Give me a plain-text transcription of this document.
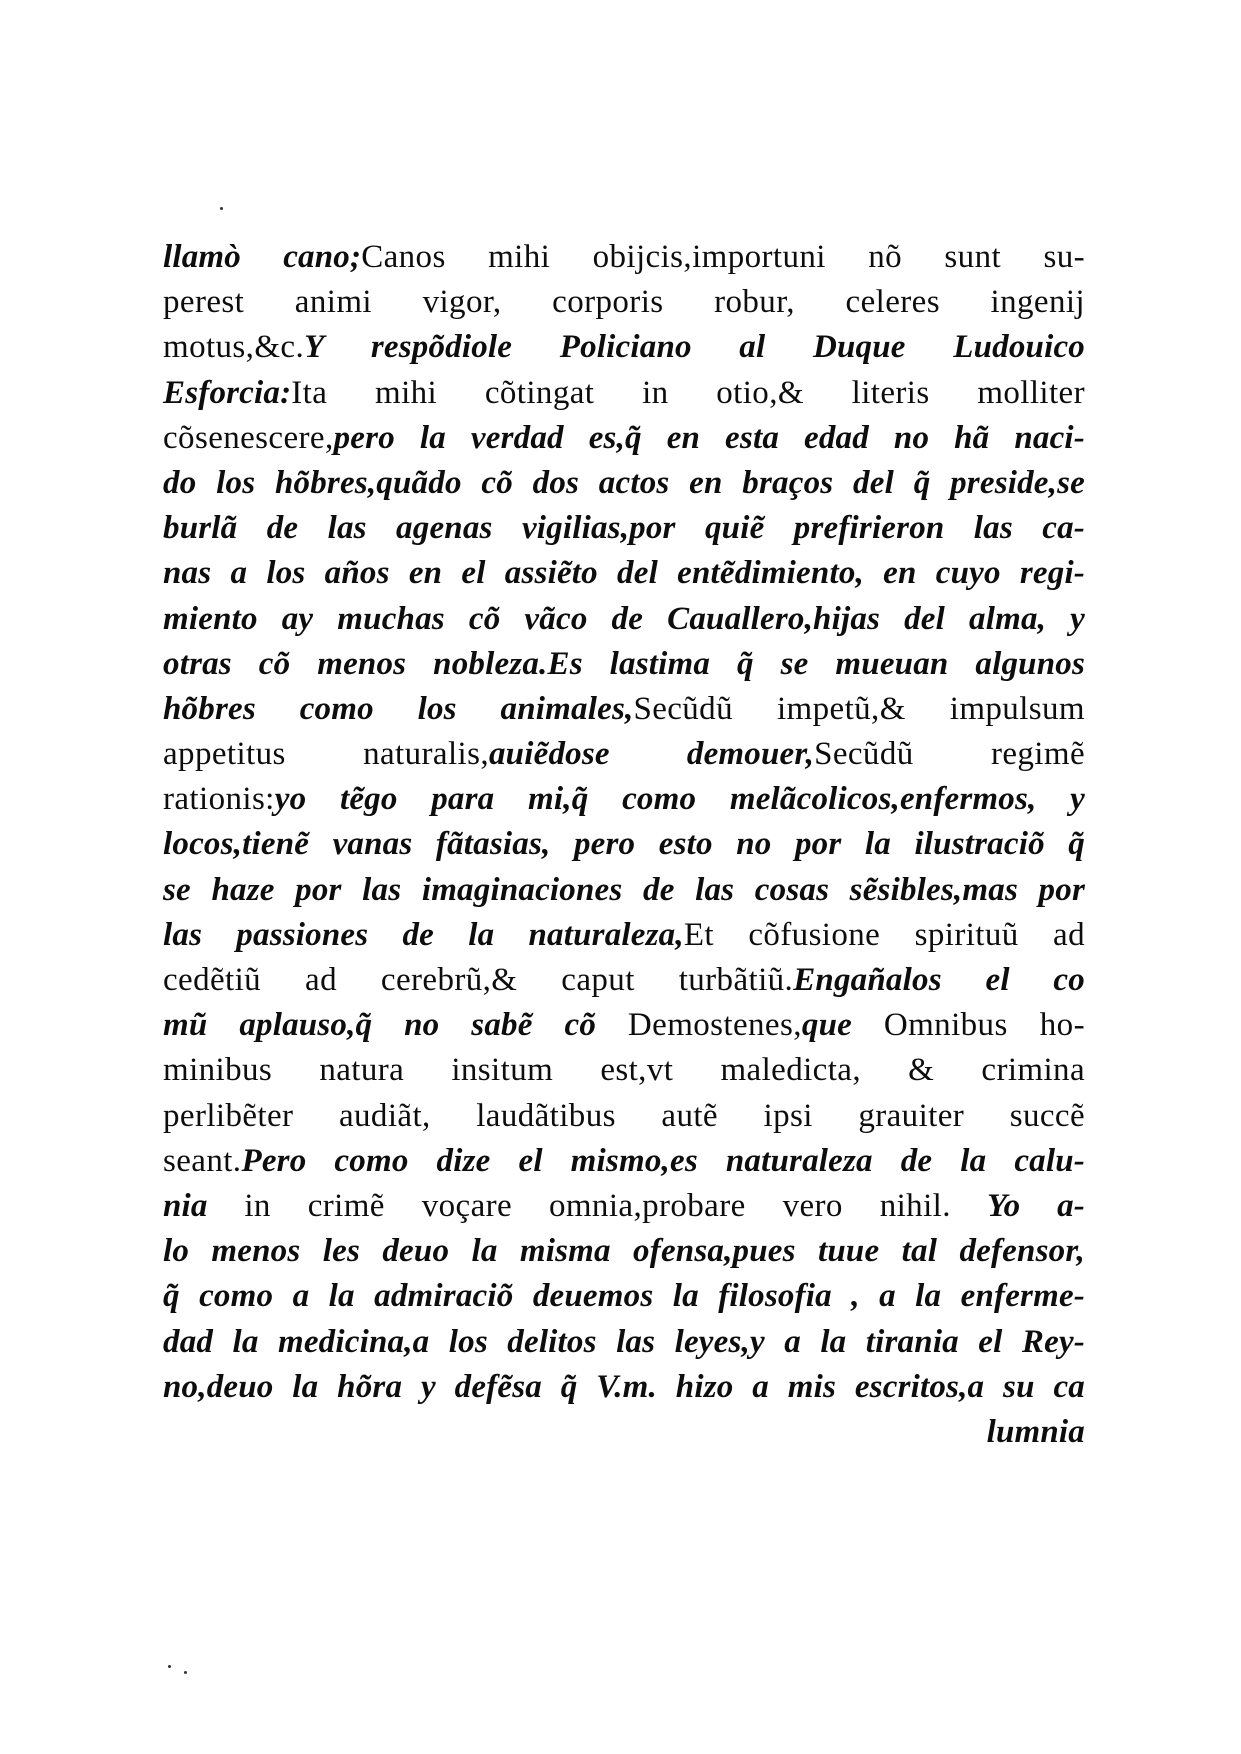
llamò cano;Canos mihi obijcis,importuni nõ sunt su-
perest animi vigor, corporis robur, celeres ingenij
motus,&c.Y respõdiole Policiano al Duque Ludouico
Esforcia:Ita mihi cõtingat in otio,& literis molliter
cõsenescere,pero la verdad es,q̃ en esta edad no hã naci-
do los hõbres,quãdo cõ dos actos en braços del q̃ preside,se
burlã de las agenas vigilias,por quiẽ prefirieron las ca-
nas a los años en el assiẽto del entẽdimiento, en cuyo regi-
miento ay muchas cõ vãco de Cauallero,hijas del alma, y
otras cõ menos nobleza.Es lastima q̃ se mueuan algunos
hõbres como los animales,Secũdũ impetũ,& impulsum
appetitus naturalis,auiẽdose demouer,Secũdũ regimẽ
rationis:yo tẽgo para mi,q̃ como melãcolicos,enfermos, y
locos,tienẽ vanas fãtasias, pero esto no por la ilustraciõ q̃
se haze por las imaginaciones de las cosas sẽsibles,mas por
las passiones de la naturaleza,Et cõfusione spirituũ ad
cedẽtiũ ad cerebrũ,& caput turbãtiũ.Engañalos el co
mũ aplauso,q̃ no sabẽ cõ Demostenes,que Omnibus ho-
minibus natura insitum est,vt maledicta, & crimina
perlibẽter audiãt, laudãtibus autẽ ipsi grauiter succẽ
seant.Pero como dize el mismo,es naturaleza de la calu-
nia in crimẽ voçare omnia,probare vero nihil. Yo a-
lo menos les deuo la misma ofensa,pues tuue tal defensor,
q̃ como a la admiraciõ deuemos la filosofia , a la enferme-
dad la medicina,a los delitos las leyes,y a la tirania el Rey-
no,deuo la hõra y defẽsa q̃ V.m. hizo a mis escritos,a su ca
lumnia
